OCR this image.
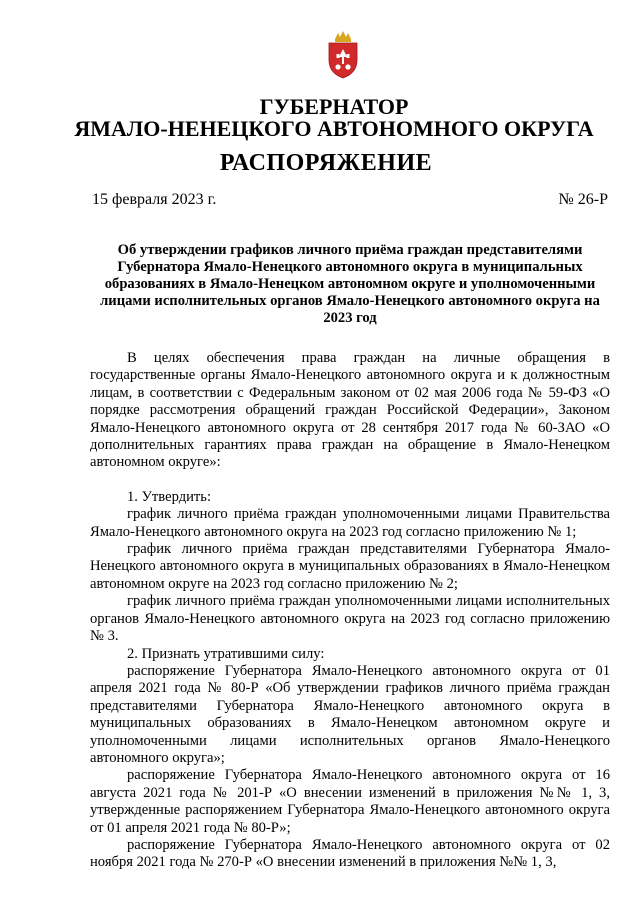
ГУБЕРНАТОР
ЯМАЛО-НЕНЕЦКОГО АВТОНОМНОГО ОКРУГА
РАСПОРЯЖЕНИЕ
15 февраля 2023 г.	№ 26-Р
Об утверждении графиков личного приёма граждан представителями Губернатора Ямало-Ненецкого автономного округа в муниципальных образованиях в Ямало-Ненецком автономном округе и уполномоченными лицами исполнительных органов Ямало-Ненецкого автономного округа на 2023 год

В целях обеспечения права граждан на личные обращения в государственные органы Ямало-Ненецкого автономного округа и к должностным лицам, в соответствии с Федеральным законом от 02 мая 2006 года № 59-ФЗ «О порядке рассмотрения обращений граждан Российской Федерации», Законом Ямало-Ненецкого автономного округа от 28 сентября 2017 года № 60-ЗАО «О дополнительных гарантиях права граждан на обращение в Ямало-Ненецком автономном округе»:

1. Утвердить:

график личного приёма граждан уполномоченными лицами Правительства Ямало-Ненецкого автономного округа на 2023 год согласно приложению № 1;

график личного приёма граждан представителями Губернатора Ямало-Ненецкого автономного округа в муниципальных образованиях в Ямало-Ненецком автономном округе на 2023 год согласно приложению № 2;

график личного приёма граждан уполномоченными лицами исполнительных органов Ямало-Ненецкого автономного округа на 2023 год согласно приложению № 3.

2. Признать утратившими силу:

распоряжение Губернатора Ямало-Ненецкого автономного округа от 01 апреля 2021 года № 80-Р «Об утверждении графиков личного приёма граждан представителями Губернатора Ямало-Ненецкого автономного округа в муниципальных образованиях в Ямало-Ненецком автономном округе и уполномоченными лицами исполнительных органов Ямало-Ненецкого автономного округа»;

распоряжение Губернатора Ямало-Ненецкого автономного округа от 16 августа 2021 года № 201-Р «О внесении изменений в приложения №№ 1, 3, утвержденные распоряжением Губернатора Ямало-Ненецкого автономного округа от 01 апреля 2021 года № 80-Р»;

распоряжение Губернатора Ямало-Ненецкого автономного округа от 02 ноября 2021 года № 270-Р «О внесении изменений в приложения №№ 1, 3,
